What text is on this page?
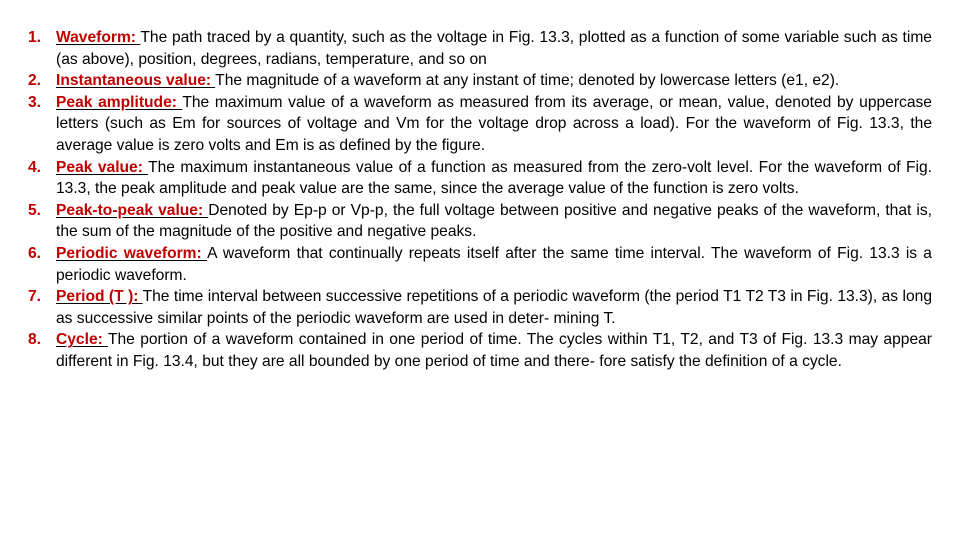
1. Waveform: The path traced by a quantity, such as the voltage in Fig. 13.3, plotted as a function of some variable such as time (as above), position, degrees, radians, temperature, and so on
2. Instantaneous value: The magnitude of a waveform at any instant of time; denoted by lowercase letters (e1, e2).
3. Peak amplitude: The maximum value of a waveform as measured from its average, or mean, value, denoted by uppercase letters (such as Em for sources of voltage and Vm for the voltage drop across a load). For the waveform of Fig. 13.3, the average value is zero volts and Em is as defined by the figure.
4. Peak value: The maximum instantaneous value of a function as measured from the zero-volt level. For the waveform of Fig. 13.3, the peak amplitude and peak value are the same, since the average value of the function is zero volts.
5. Peak-to-peak value: Denoted by Ep-p or Vp-p, the full voltage between positive and negative peaks of the waveform, that is, the sum of the magnitude of the positive and negative peaks.
6. Periodic waveform: A waveform that continually repeats itself after the same time interval. The waveform of Fig. 13.3 is a periodic waveform.
7. Period (T ): The time interval between successive repetitions of a periodic waveform (the period T1 T2 T3 in Fig. 13.3), as long as successive similar points of the periodic waveform are used in deter- mining T.
8. Cycle: The portion of a waveform contained in one period of time. The cycles within T1, T2, and T3 of Fig. 13.3 may appear different in Fig. 13.4, but they are all bounded by one period of time and there- fore satisfy the definition of a cycle.
